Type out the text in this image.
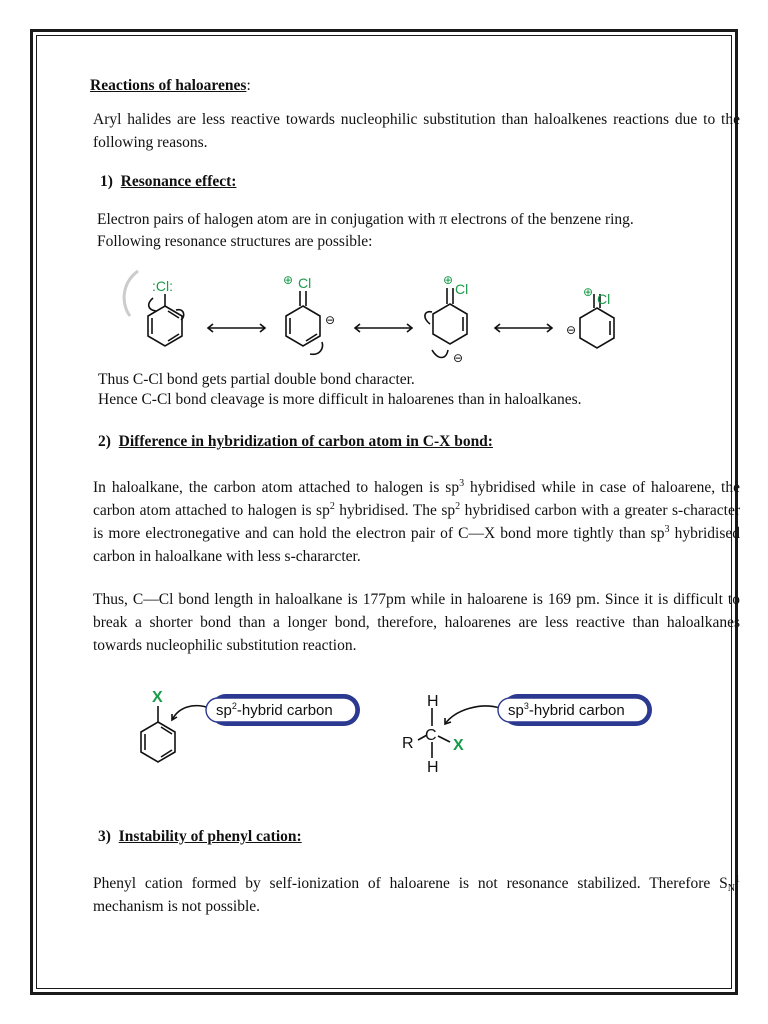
Reactions of haloarenes:
Aryl halides are less reactive towards nucleophilic substitution than haloalkenes reactions due to the following reasons.
1) Resonance effect:
Electron pairs of halogen atom are in conjugation with π electrons of the benzene ring.
Following resonance structures are possible:
:Cl:	Cl
⊕
Cl
⊕
Cl
⊕
⊖
⊖
⊖
Thus C-Cl bond gets partial double bond character.
Hence C-Cl bond cleavage is more difficult in haloarenes than in haloalkanes.
2) Difference in hybridization of carbon atom in C-X bond:
In haloalkane, the carbon atom attached to halogen is $sp^3$ hybridised while in case of haloarene, the carbon atom attached to halogen is $sp^2$ hybridised. The $sp^2$ hybridised carbon with a greater s-character is more electronegative and can hold the electron pair of C—X bond more tightly than $sp^3$ hybridised carbon in haloalkane with less s-chararcter.
Thus, C—Cl bond length in haloalkane is 177pm while in haloarene is 169 pm. Since it is difficult to break a shorter bond than a longer bond, therefore, haloarenes are less reactive than haloalkanes towards nucleophilic substitution reaction.
$sp^2$-hybrid carbon	$sp^3$-hybrid carbon
H
C
R
H
X
X
3) Instability of phenyl cation:
Phenyl cation formed by self-ionization of haloarene is not resonance stabilized. Therefore $S_N^1$ mechanism is not possible.
